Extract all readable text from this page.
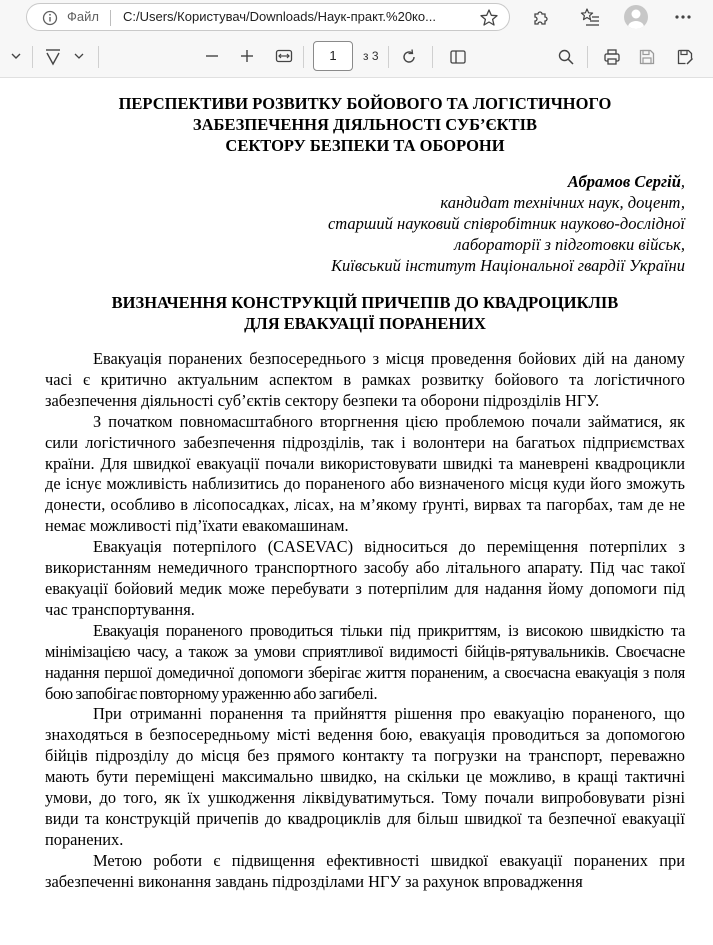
Файл C:/Users/Користувач/Downloads/Наук-практ.%20ко...
1	з 3
ПЕРСПЕКТИВИ РОЗВИТКУ БОЙОВОГО ТА ЛОГІСТИЧНОГО
ЗАБЕЗПЕЧЕННЯ ДІЯЛЬНОСТІ СУБ’ЄКТІВ
СЕКТОРУ БЕЗПЕКИ ТА ОБОРОНИ
Абрамов Сергій,
кандидат технічних наук, доцент,
старший науковий співробітник науково-дослідної
лабораторії з підготовки військ,
Київський інститут Національної гвардії України
ВИЗНАЧЕННЯ КОНСТРУКЦІЙ ПРИЧЕПІВ ДО КВАДРОЦИКЛІВ
ДЛЯ ЕВАКУАЦІЇ ПОРАНЕНИХ

Евакуація поранених безпосереднього з місця проведення бойових дій на даному часі є критично актуальним аспектом в рамках розвитку бойового та логістичного забезпечення діяльності суб’єктів сектору безпеки та оборони підрозділів НГУ.

З початком повномасштабного вторгнення цією проблемою почали займатися, як сили логістичного забезпечення підрозділів, так і волонтери на багатьох підприємствах країни. Для швидкої евакуації почали використовувати швидкі та маневрені квадроцикли де існує можливість наблизитись до пораненого або визначеного місця куди його зможуть донести, особливо в лісопосадках, лісах, на м’якому ґрунті, вирвах та пагорбах, там де не немає можливості під’їхати евакомашинам.

Евакуація потерпілого (CASEVAC) відноситься до переміщення потерпілих з використанням немедичного транспортного засобу або літального апарату. Під час такої евакуації бойовий медик може перебувати з потерпілим для надання йому допомоги під час транспортування.

Евакуація пораненого проводиться тільки під прикриттям, із високою швидкістю та мінімізацією часу, а також за умови сприятливої видимості бійців-рятувальників. Своєчасне надання першої домедичної допомоги зберігає життя пораненим, а своєчасна евакуація з поля бою запобігає повторному ураженню або загибелі.

При отриманні поранення та прийняття рішення про евакуацію пораненого, що знаходяться в безпосередньому місті ведення бою, евакуація проводиться за допомогою бійців підрозділу до місця без прямого контакту та погрузки на транспорт, переважно мають бути переміщені максимально швидко, на скільки це можливо, в кращі тактичні умови, до того, як їх ушкодження ліквідуватимуться. Тому почали випробовувати різні види та конструкцій причепів до квадроциклів для більш швидкої та безпечної евакуації поранених.

Метою роботи є підвищення ефективності швидкої евакуації поранених при забезпеченні виконання завдань підрозділами НГУ за рахунок впровадження
